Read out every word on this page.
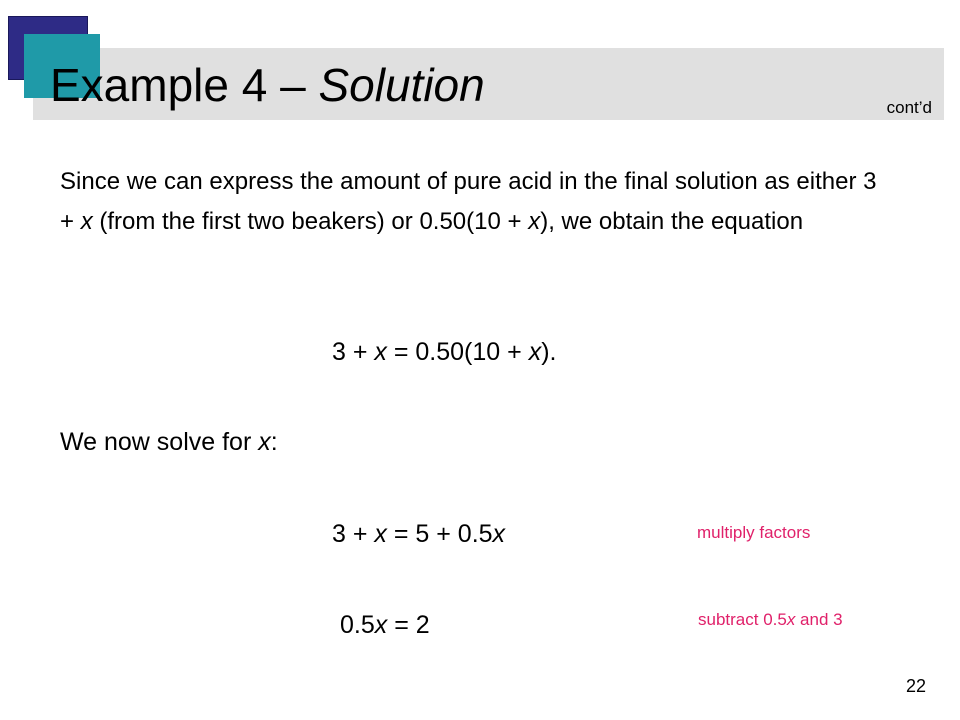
Example 4 – Solution	cont’d
Since we can express the amount of pure acid in the final solution as either 3 + x (from the first two beakers) or 0.50(10 + x), we obtain the equation
3 + x = 0.50(10 + x).
We now solve for x:
3 + x = 5 + 0.5x	multiply factors
0.5x = 2	subtract 0.5x and 3
22
